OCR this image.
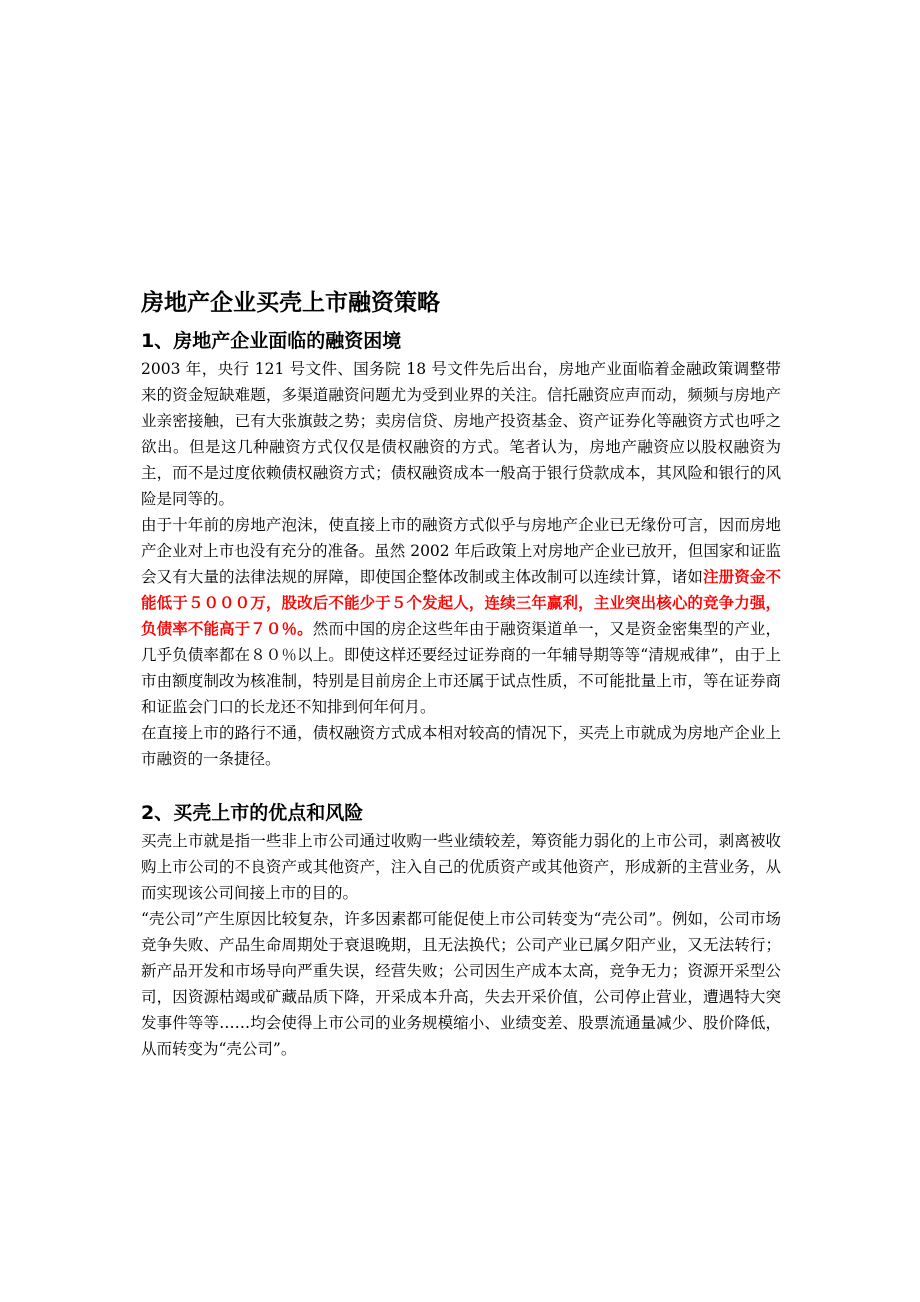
房地产企业买壳上市融资策略
1、房地产企业面临的融资困境

2003 年，央行 121 号文件、国务院 18 号文件先后出台，房地产业面临着金融政策调整带来的资金短缺难题，多渠道融资问题尤为受到业界的关注。信托融资应声而动，频频与房地产业亲密接触，已有大张旗鼓之势；卖房信贷、房地产投资基金、资产证券化等融资方式也呼之欲出。但是这几种融资方式仅仅是债权融资的方式。笔者认为，房地产融资应以股权融资为主，而不是过度依赖债权融资方式；债权融资成本一般高于银行贷款成本，其风险和银行的风险是同等的。

由于十年前的房地产泡沫，使直接上市的融资方式似乎与房地产企业已无缘份可言，因而房地产企业对上市也没有充分的准备。虽然 2002 年后政策上对房地产企业已放开，但国家和证监会又有大量的法律法规的屏障，即使国企整体改制或主体改制可以连续计算，诸如注册资金不能低于５０００万，股改后不能少于５个发起人，连续三年赢利，主业突出核心的竞争力强，负债率不能高于７０％。然而中国的房企这些年由于融资渠道单一，又是资金密集型的产业，几乎负债率都在８０％以上。即使这样还要经过证券商的一年辅导期等等“清规戒律”，由于上市由额度制改为核准制，特别是目前房企上市还属于试点性质，不可能批量上市，等在证券商和证监会门口的长龙还不知排到何年何月。

在直接上市的路行不通，债权融资方式成本相对较高的情况下，买壳上市就成为房地产企业上市融资的一条捷径。

2、买壳上市的优点和风险

买壳上市就是指一些非上市公司通过收购一些业绩较差，筹资能力弱化的上市公司，剥离被收购上市公司的不良资产或其他资产，注入自己的优质资产或其他资产，形成新的主营业务，从而实现该公司间接上市的目的。

“壳公司”产生原因比较复杂，许多因素都可能促使上市公司转变为“壳公司”。例如，公司市场竞争失败、产品生命周期处于衰退晚期，且无法换代；公司产业已属夕阳产业，又无法转行；新产品开发和市场导向严重失误，经营失败；公司因生产成本太高，竞争无力；资源开采型公司，因资源枯竭或矿藏品质下降，开采成本升高，失去开采价值，公司停止营业，遭遇特大突发事件等等……均会使得上市公司的业务规模缩小、业绩变差、股票流通量减少、股价降低，从而转变为“壳公司”。
